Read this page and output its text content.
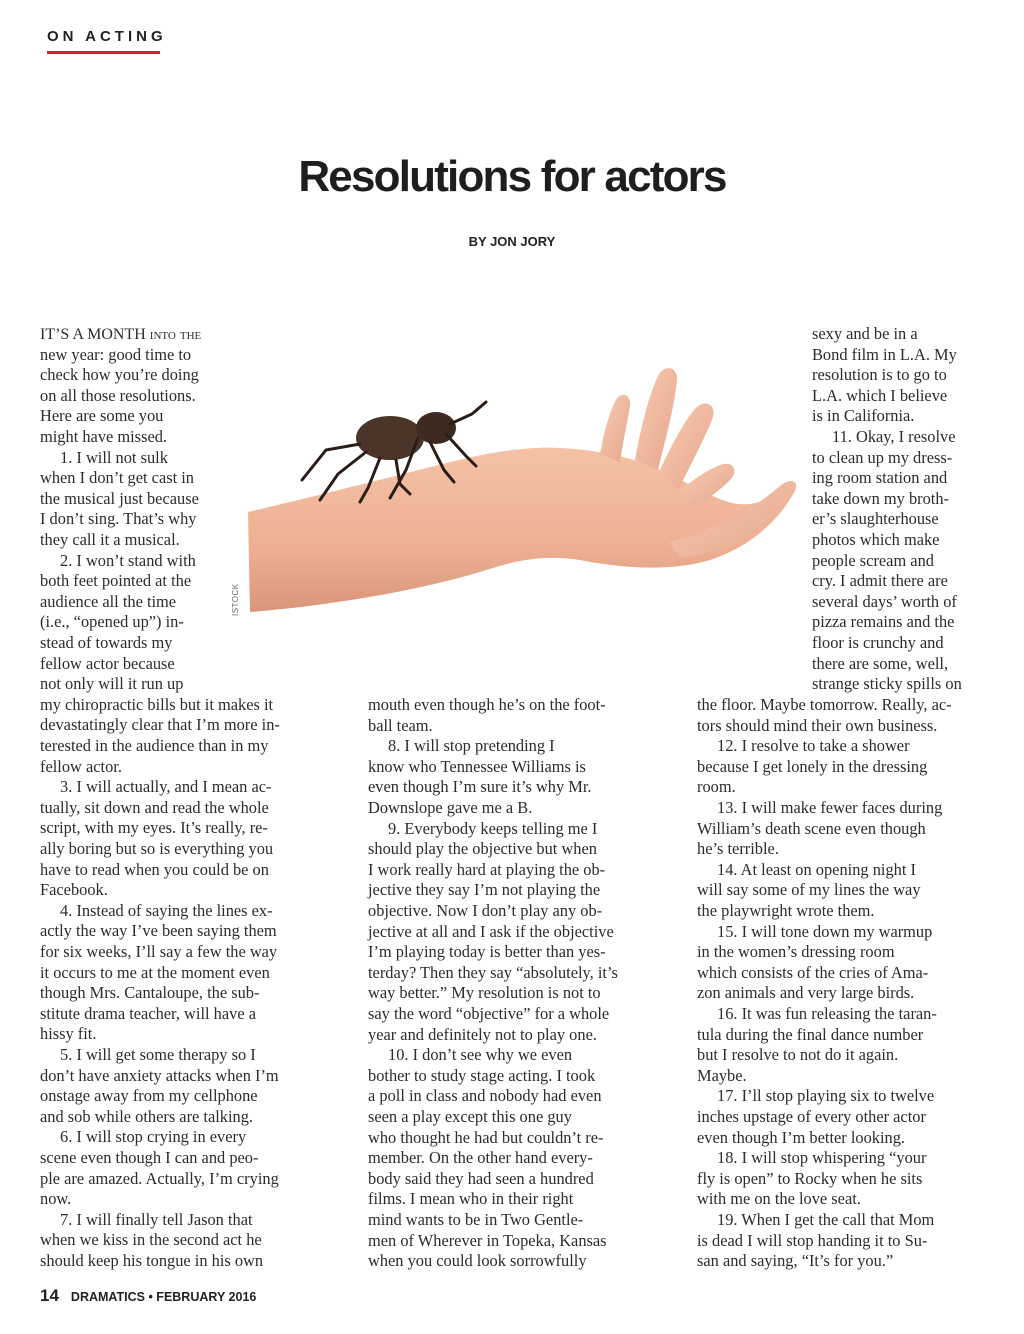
ON ACTING
Resolutions for actors
BY JON JORY
ISTOCK
IT’S A MONTH into the
new year: good time to
check how you’re doing
on all those resolutions.
Here are some you
might have missed.
1. I will not sulk
when I don’t get cast in
the musical just because
I don’t sing. That’s why
they call it a musical.
2. I won’t stand with
both feet pointed at the
audience all the time
(i.e., “opened up”) in-
stead of towards my
fellow actor because
not only will it run up
my chiropractic bills but it makes it
devastatingly clear that I’m more in-
terested in the audience than in my
fellow actor.
3. I will actually, and I mean ac-
tually, sit down and read the whole
script, with my eyes. It’s really, re-
ally boring but so is everything you
have to read when you could be on
Facebook.
4. Instead of saying the lines ex-
actly the way I’ve been saying them
for six weeks, I’ll say a few the way
it occurs to me at the moment even
though Mrs. Cantaloupe, the sub-
stitute drama teacher, will have a
hissy fit.
5. I will get some therapy so I
don’t have anxiety attacks when I’m
onstage away from my cellphone
and sob while others are talking.
6. I will stop crying in every
scene even though I can and peo-
ple are amazed. Actually, I’m crying
now.
7. I will finally tell Jason that
when we kiss in the second act he
should keep his tongue in his own
mouth even though he’s on the foot-
ball team.
8. I will stop pretending I
know who Tennessee Williams is
even though I’m sure it’s why Mr.
Downslope gave me a B.
9. Everybody keeps telling me I
should play the objective but when
I work really hard at playing the ob-
jective they say I’m not playing the
objective. Now I don’t play any ob-
jective at all and I ask if the objective
I’m playing today is better than yes-
terday? Then they say “absolutely, it’s
way better.” My resolution is not to
say the word “objective” for a whole
year and definitely not to play one.
10. I don’t see why we even
bother to study stage acting. I took
a poll in class and nobody had even
seen a play except this one guy
who thought he had but couldn’t re-
member. On the other hand every-
body said they had seen a hundred
films. I mean who in their right
mind wants to be in Two Gentle-
men of Wherever in Topeka, Kansas
when you could look sorrowfully
sexy and be in a
Bond film in L.A. My
resolution is to go to
L.A. which I believe
is in California.
11. Okay, I resolve
to clean up my dress-
ing room station and
take down my broth-
er’s slaughterhouse
photos which make
people scream and
cry. I admit there are
several days’ worth of
pizza remains and the
floor is crunchy and
there are some, well,
strange sticky spills on
the floor. Maybe tomorrow. Really, ac-
tors should mind their own business.
12. I resolve to take a shower
because I get lonely in the dressing
room.
13. I will make fewer faces during
William’s death scene even though
he’s terrible.
14. At least on opening night I
will say some of my lines the way
the playwright wrote them.
15. I will tone down my warmup
in the women’s dressing room
which consists of the cries of Ama-
zon animals and very large birds.
16. It was fun releasing the taran-
tula during the final dance number
but I resolve to not do it again.
Maybe.
17. I’ll stop playing six to twelve
inches upstage of every other actor
even though I’m better looking.
18. I will stop whispering “your
fly is open” to Rocky when he sits
with me on the love seat.
19. When I get the call that Mom
is dead I will stop handing it to Su-
san and saying, “It’s for you.”
14 DRAMATICS • FEBRUARY 2016
